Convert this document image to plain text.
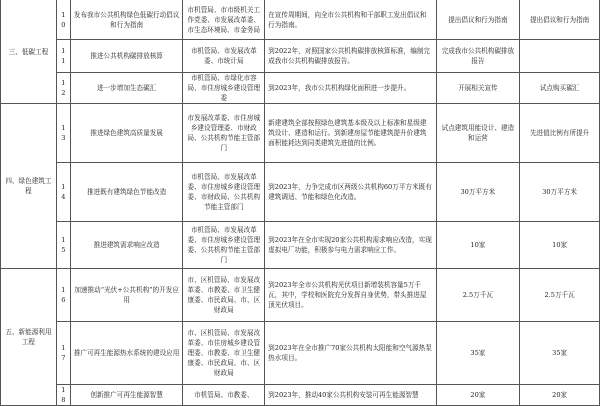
三、低碳工程	10	发布我市公共机构绿色低碳行动倡议和行为指南	市机管局、市市级机关工作党委、市发展改革委、市生态环境局、市金务局	在宣传周期间，向全市公共机构和干部职工发出倡议和行为指南。	提出倡议和行为指南	提出倡议和行为指南
	11	推进公共机构碳排放核算	市机管局、市发展改革委、市统计局	到2022年，对照国家公共机构碳排放核算标准，编制完成我市公共机构碳排放报告。	完成我市公共机构碳排放报告	
	12	进一步增加生态碳汇	市机管局、市绿化市容局、市住房城乡建设管理委	到2023年，我市公共机构绿化面积进一步提升。	开展相关宣传	试点购买碳汇
四、绿色建筑工程	13	推进绿色建筑高质量发展	市发展改革委、市住房城乡建设管理委、市财政局、公共机构节能主管部门	新建建筑全部按照绿色建筑基本级及以上标准和星级建筑设计、建造和运行。到新建房屋节能建筑提升价建筑面积能耗达到同类建筑先进值的比例。	试点建筑用能设计、建造和运营	先进值比例有所提升
	14	推进既有建筑绿色节能改造	市机管局、市发展改革委、市住房城乡建设管理委、市财政局、公共机构节能主管部门	到2023年，力争完成市区两级公共机构60万平方米既有建筑调适、节能和绿色化改造。	30万平方米	30万平方米
	15	推进建筑需求响应改造	市机管局、市发展改革委、市住房城乡建设管理委、公共机构节能主管部门	到2023年在全市实现20家公共机构需求响应改造，实现虚拟电厂功能，积极参与电力需求响应工作。	10家	10家
五、新能源利用工程	16	加速推动“光伏+公共机构”的开发应用	市、区机管局、市发展改革委、市教委、市卫生健康委、市民政局、市、区财政局	到2023年全市公共机构光伏项目新增装机容量5万千瓦，其中，学校和医院充分发挥自身优势，带头推进屋顶光伏项目。	2.5万千瓦	2.5万千瓦
	17	推广可再生能源热水系统的建设应用	市、区机管局、市发展改革委、市住房城乡建设管理委、市教委、市卫生健康委、市民政局、市、区财政局	到2023年在全市推广70家公共机构太阳能和空气源热泵热水项目。	35家	35家
	18	创新推广可再生能源智慧	市机管局、市教委、	到2023年，推动40家公共机构安装可再生能源智慧	20家	20家
